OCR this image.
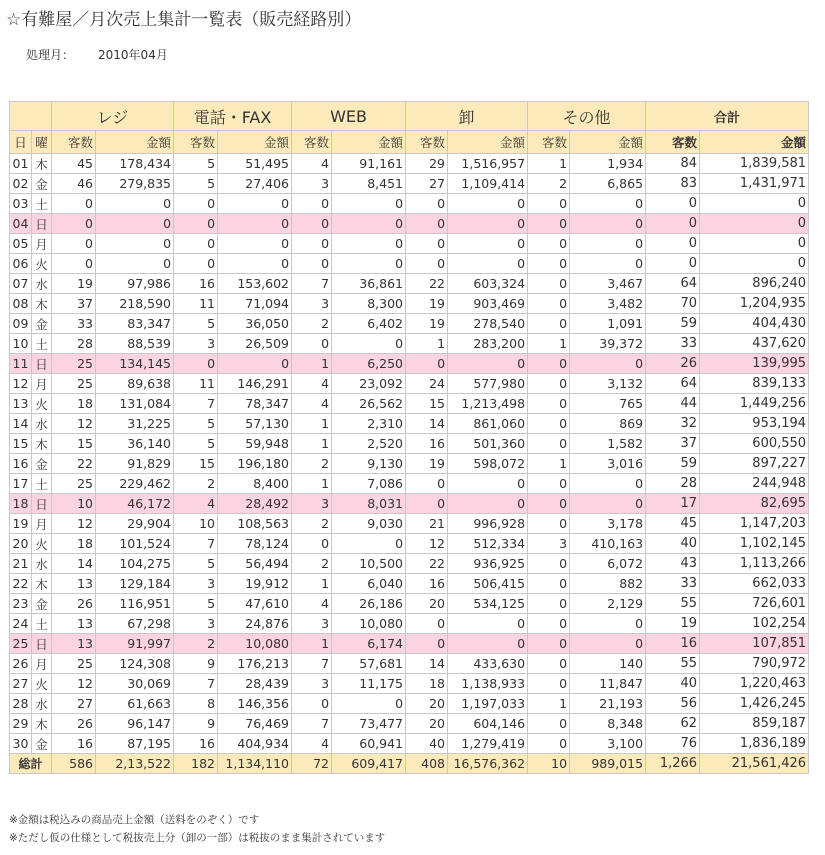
☆有難屋／月次売上集計一覧表（販売経路別）
処理月： 2010年04月
		レジ		電話・FAX		WEB		卸		その他		合計	
日	曜	客数	金額	客数	金額	客数	金額	客数	金額	客数	金額	客数	金額
01	木	45	178,434	5	51,495	4	91,161	29	1,516,957	1	1,934	84	1,839,581
02	金	46	279,835	5	27,406	3	8,451	27	1,109,414	2	6,865	83	1,431,971
03	土	0	0	0	0	0	0	0	0	0	0	0	0
04	日	0	0	0	0	0	0	0	0	0	0	0	0
05	月	0	0	0	0	0	0	0	0	0	0	0	0
06	火	0	0	0	0	0	0	0	0	0	0	0	0
07	水	19	97,986	16	153,602	7	36,861	22	603,324	0	3,467	64	896,240
08	木	37	218,590	11	71,094	3	8,300	19	903,469	0	3,482	70	1,204,935
09	金	33	83,347	5	36,050	2	6,402	19	278,540	0	1,091	59	404,430
10	土	28	88,539	3	26,509	0	0	1	283,200	1	39,372	33	437,620
11	日	25	134,145	0	0	1	6,250	0	0	0	0	26	139,995
12	月	25	89,638	11	146,291	4	23,092	24	577,980	0	3,132	64	839,133
13	火	18	131,084	7	78,347	4	26,562	15	1,213,498	0	765	44	1,449,256
14	水	12	31,225	5	57,130	1	2,310	14	861,060	0	869	32	953,194
15	木	15	36,140	5	59,948	1	2,520	16	501,360	0	1,582	37	600,550
16	金	22	91,829	15	196,180	2	9,130	19	598,072	1	3,016	59	897,227
17	土	25	229,462	2	8,400	1	7,086	0	0	0	0	28	244,948
18	日	10	46,172	4	28,492	3	8,031	0	0	0	0	17	82,695
19	月	12	29,904	10	108,563	2	9,030	21	996,928	0	3,178	45	1,147,203
20	火	18	101,524	7	78,124	0	0	12	512,334	3	410,163	40	1,102,145
21	水	14	104,275	5	56,494	2	10,500	22	936,925	0	6,072	43	1,113,266
22	木	13	129,184	3	19,912	1	6,040	16	506,415	0	882	33	662,033
23	金	26	116,951	5	47,610	4	26,186	20	534,125	0	2,129	55	726,601
24	土	13	67,298	3	24,876	3	10,080	0	0	0	0	19	102,254
25	日	13	91,997	2	10,080	1	6,174	0	0	0	0	16	107,851
26	月	25	124,308	9	176,213	7	57,681	14	433,630	0	140	55	790,972
27	火	12	30,069	7	28,439	3	11,175	18	1,138,933	0	11,847	40	1,220,463
28	水	27	61,663	8	146,356	0	0	20	1,197,033	1	21,193	56	1,426,245
29	木	26	96,147	9	76,469	7	73,477	20	604,146	0	8,348	62	859,187
30	金	16	87,195	16	404,934	4	60,941	40	1,279,419	0	3,100	76	1,836,189
総計		586	2,13,522	182	1,134,110	72	609,417	408	16,576,362	10	989,015	1,266	21,561,426
※金額は税込みの商品売上金額（送料をのぞく）です
※ただし仮の仕様として税抜売上分（卸の一部）は税抜のまま集計されています
